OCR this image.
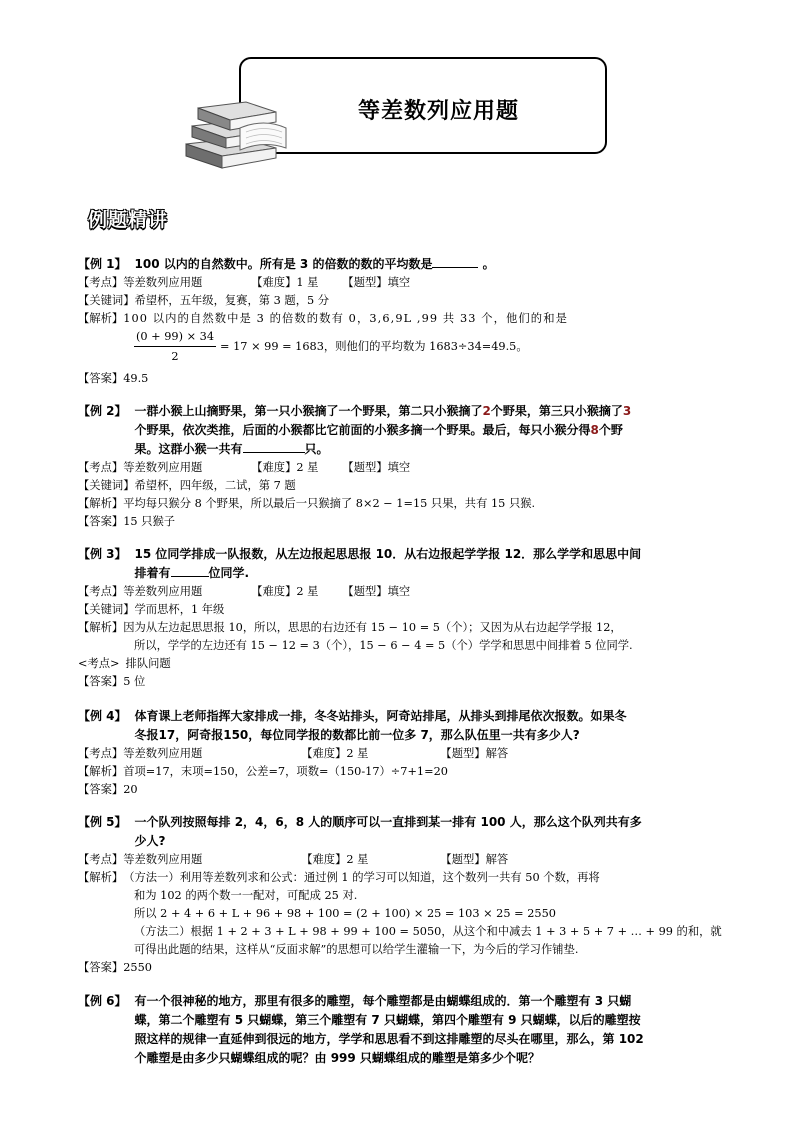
等差数列应用题
例题精讲
【例 1】 100 以内的自然数中。所有是 3 的倍数的数的平均数是	。
【考点】 等差数列应用题	【难度】 1 星	【题型】 填空
【关键词】 希望杯，五年级，复赛，第 3 题，5 分
【解析】 100 以内的自然数中是 3 的倍数的数有 0，3,6,9L ,99 共 33 个，他们的和是
$\frac{(0 + 99) \times 34}{2} = 17 \times 99 = 1683$，则他们的平均数为 1683÷34=49.5。
【答案】 49.5
【例 2】 一群小猴上山摘野果，第一只小猴摘了一个野果，第二只小猴摘了2个野果，第三只小猴摘了3
个野果，依次类推，后面的小猴都比它前面的小猴多摘一个野果。最后，每只小猴分得8个野
果。这群小猴一共有	只。
【考点】 等差数列应用题	【难度】 2 星	【题型】 填空
【关键词】 希望杯，四年级，二试，第 7 题
【解析】 平均每只猴分 8 个野果，所以最后一只猴摘了 8×2 − 1=15 只果，共有 15 只猴.
【答案】 15 只猴子
【例 3】 15 位同学排成一队报数，从左边报起思思报 10．从右边报起学学报 12．那么学学和思思中间
排着有	位同学.
【考点】 等差数列应用题	【难度】 2 星	【题型】 填空
【关键词】 学而思杯，1 年级
【解析】 因为从左边起思思报 10，所以，思思的右边还有 15 − 10 = 5（个）；又因为从右边起学学报 12，
所以，学学的左边还有 15 − 12 = 3（个），15 − 6 − 4 = 5（个）学学和思思中间排着 5 位同学.
<考点> 排队问题
【答案】 5 位
【例 4】 体育课上老师指挥大家排成一排，冬冬站排头，阿奇站排尾，从排头到排尾依次报数。如果冬
冬报17，阿奇报150，每位同学报的数都比前一位多 7，那么队伍里一共有多少人?
【考点】 等差数列应用题	【难度】 2 星	【题型】 解答
【解析】 首项=17，末项=150，公差=7，项数=（150-17）÷7+1=20
【答案】 20
【例 5】 一个队列按照每排 2，4，6，8 人的顺序可以一直排到某一排有 100 人，那么这个队列共有多
少人?
【考点】 等差数列应用题	【难度】 2 星	【题型】 解答
【解析】 （方法一）利用等差数列求和公式：通过例 1 的学习可以知道，这个数列一共有 50 个数，再将
和为 102 的两个数一一配对，可配成 25 对.
所以 2 + 4 + 6 + L + 96 + 98 + 100 = (2 + 100) × 25 = 103 × 25 = 2550
（方法二）根据 1 + 2 + 3 + L + 98 + 99 + 100 = 5050，从这个和中减去 1 + 3 + 5 + 7 + … + 99 的和，就
可得出此题的结果，这样从“反面求解”的思想可以给学生灌输一下，为今后的学习作铺垫.
【答案】 2550
【例 6】 有一个很神秘的地方，那里有很多的雕塑，每个雕塑都是由蝴蝶组成的．第一个雕塑有 3 只蝴
蝶，第二个雕塑有 5 只蝴蝶，第三个雕塑有 7 只蝴蝶，第四个雕塑有 9 只蝴蝶，以后的雕塑按
照这样的规律一直延伸到很远的地方，学学和思思看不到这排雕塑的尽头在哪里，那么，第 102
个雕塑是由多少只蝴蝶组成的呢？由 999 只蝴蝶组成的雕塑是第多少个呢？
